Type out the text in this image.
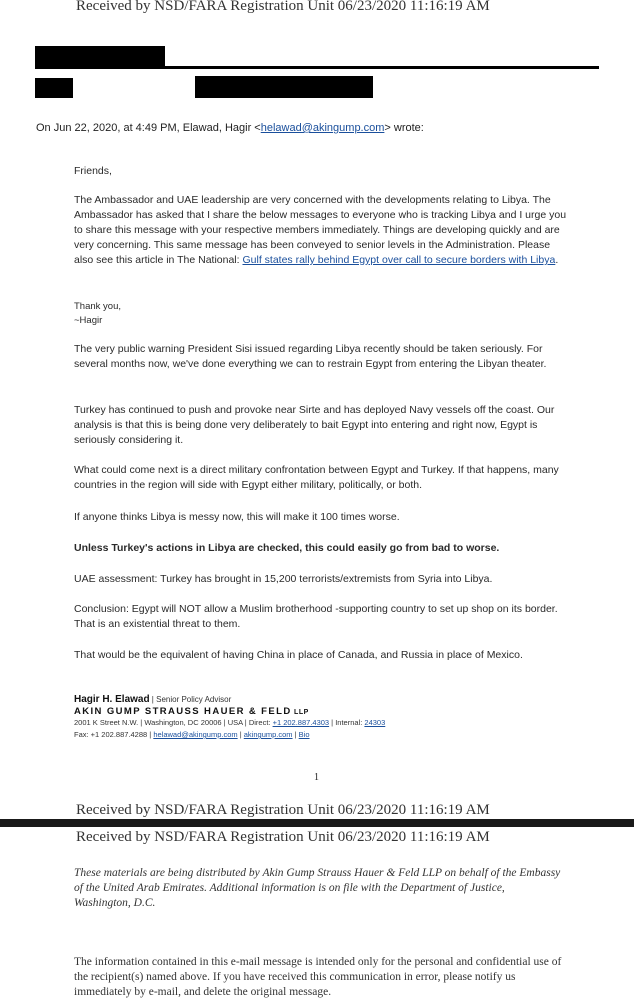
Received by NSD/FARA Registration Unit 06/23/2020 11:16:19 AM
On Jun 22, 2020, at 4:49 PM, Elawad, Hagir <helawad@akingump.com> wrote:

Friends,

The Ambassador and UAE leadership are very concerned with the developments relating to Libya. The Ambassador has asked that I share the below messages to everyone who is tracking Libya and I urge you to share this message with your respective members immediately. Things are developing quickly and are very concerning. This same message has been conveyed to senior levels in the Administration. Please also see this article in The National: Gulf states rally behind Egypt over call to secure borders with Libya.

Thank you,

~Hagir

The very public warning President Sisi issued regarding Libya recently should be taken seriously. For several months now, we've done everything we can to restrain Egypt from entering the Libyan theater.

Turkey has continued to push and provoke near Sirte and has deployed Navy vessels off the coast. Our analysis is that this is being done very deliberately to bait Egypt into entering and right now, Egypt is seriously considering it.

What could come next is a direct military confrontation between Egypt and Turkey. If that happens, many countries in the region will side with Egypt either military, politically, or both.

If anyone thinks Libya is messy now, this will make it 100 times worse.

Unless Turkey's actions in Libya are checked, this could easily go from bad to worse.

UAE assessment: Turkey has brought in 15,200 terrorists/extremists from Syria into Libya.

Conclusion: Egypt will NOT allow a Muslim brotherhood -supporting country to set up shop on its border. That is an existential threat to them.

That would be the equivalent of having China in place of Canada, and Russia in place of Mexico.

Hagir H. Elawad | Senior Policy Advisor
AKIN GUMP STRAUSS HAUER & FELD LLP
2001 K Street N.W. | Washington, DC 20006 | USA | Direct: +1 202.887.4303 | Internal: 24303
Fax: +1 202.887.4288 | helawad@akingump.com | akingump.com | Bio
1
Received by NSD/FARA Registration Unit 06/23/2020 11:16:19 AM
Received by NSD/FARA Registration Unit 06/23/2020 11:16:19 AM

These materials are being distributed by Akin Gump Strauss Hauer & Feld LLP on behalf of the Embassy of the United Arab Emirates. Additional information is on file with the Department of Justice, Washington, D.C.

The information contained in this e-mail message is intended only for the personal and confidential use of the recipient(s) named above. If you have received this communication in error, please notify us immediately by e-mail, and delete the original message.
